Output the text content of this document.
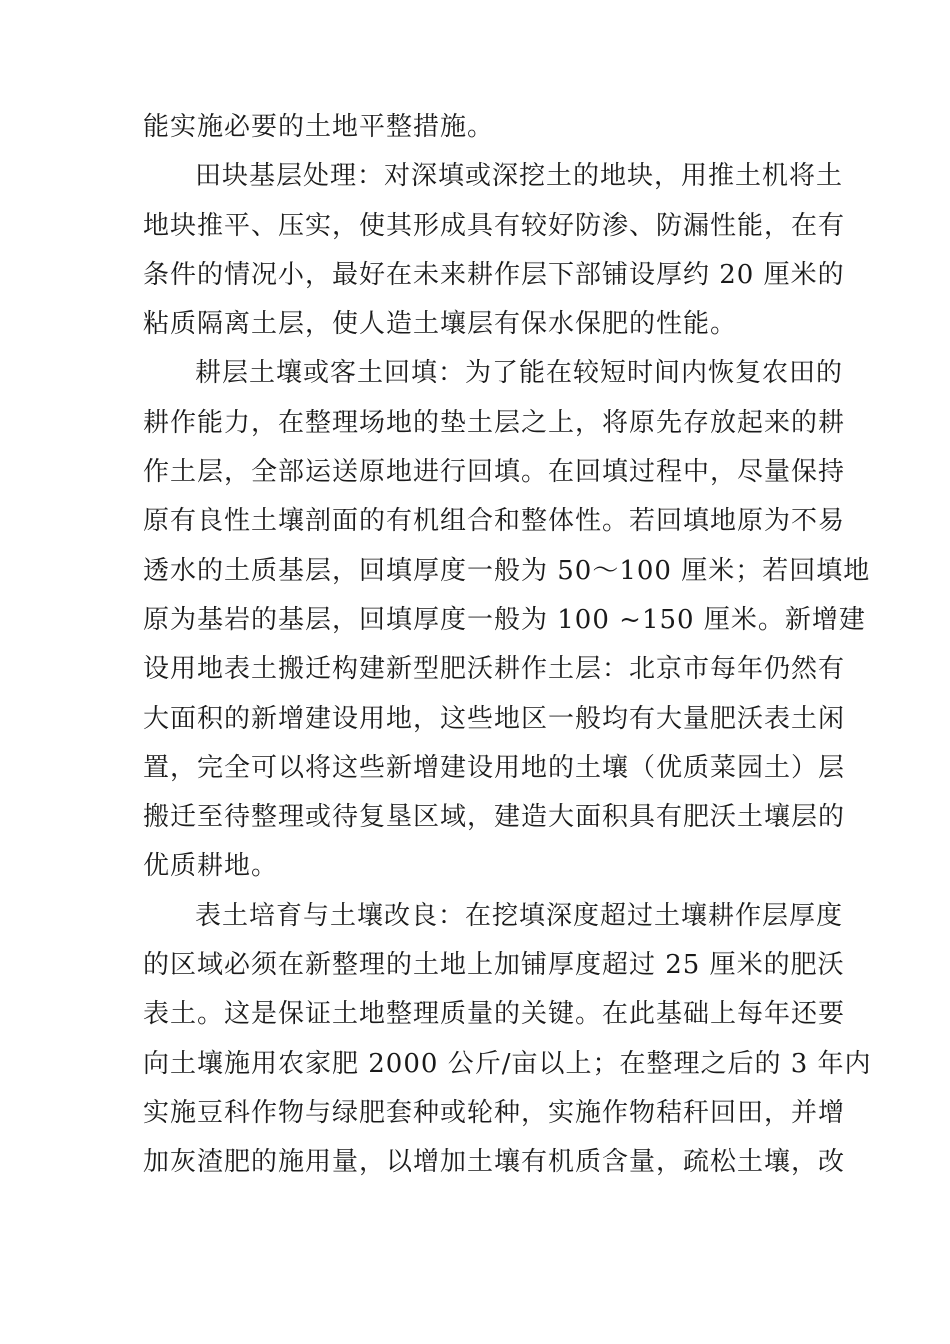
能实施必要的土地平整措施。
田块基层处理：对深填或深挖土的地块，用推土机将土
地块推平、压实，使其形成具有较好防渗、防漏性能，在有
条件的情况小，最好在未来耕作层下部铺设厚约 20 厘米的
粘质隔离土层，使人造土壤层有保水保肥的性能。
耕层土壤或客土回填：为了能在较短时间内恢复农田的
耕作能力，在整理场地的垫土层之上，将原先存放起来的耕
作土层，全部运送原地进行回填。在回填过程中，尽量保持
原有良性土壤剖面的有机组合和整体性。若回填地原为不易
透水的土质基层，回填厚度一般为 50～100 厘米；若回填地
原为基岩的基层，回填厚度一般为 100 ~150 厘米。新增建
设用地表土搬迁构建新型肥沃耕作土层：北京市每年仍然有
大面积的新增建设用地，这些地区一般均有大量肥沃表土闲
置，完全可以将这些新增建设用地的土壤（优质菜园土）层
搬迁至待整理或待复垦区域，建造大面积具有肥沃土壤层的
优质耕地。
表土培育与土壤改良：在挖填深度超过土壤耕作层厚度
的区域必须在新整理的土地上加铺厚度超过 25 厘米的肥沃
表土。这是保证土地整理质量的关键。在此基础上每年还要
向土壤施用农家肥 2000 公斤/亩以上；在整理之后的 3 年内
实施豆科作物与绿肥套种或轮种，实施作物秸秆回田，并增
加灰渣肥的施用量，以增加土壤有机质含量，疏松土壤，改
